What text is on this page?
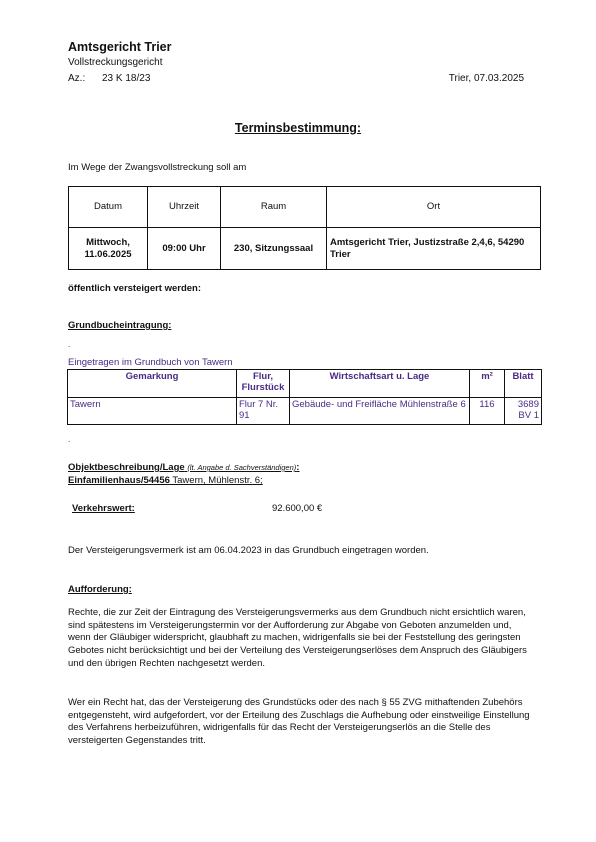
Amtsgericht Trier
Vollstreckungsgericht
Az.: 23 K 18/23	Trier, 07.03.2025
Terminsbestimmung:
Im Wege der Zwangsvollstreckung soll am
Datum	Uhrzeit	Raum	Ort

Mittwoch,
11.06.2025	09:00 Uhr	230, Sitzungssaal	Amtsgericht Trier, Justizstraße 2,4,6, 54290 Trier
öffentlich versteigert werden:
Grundbucheintragung:
.
Eingetragen im Grundbuch von Tawern
Gemarkung	Flur, Flurstück	Wirtschaftsart u. Lage	m²	Blatt
Tawern	Flur 7 Nr. 91	Gebäude- und Freifläche Mühlenstraße 6	116	3689 BV 1
.
Objektbeschreibung/Lage (lt. Angabe d. Sachverständigen):
Einfamilienhaus/54456 Tawern, Mühlenstr. 6;
Verkehrswert:	92.600,00 €
Der Versteigerungsvermerk ist am 06.04.2023 in das Grundbuch eingetragen worden.
Aufforderung:
Rechte, die zur Zeit der Eintragung des Versteigerungsvermerks aus dem Grundbuch nicht ersichtlich waren, sind spätestens im Versteigerungstermin vor der Aufforderung zur Abgabe von Geboten anzumelden und, wenn der Gläubiger widerspricht, glaubhaft zu machen, widrigenfalls sie bei der Feststellung des geringsten Gebotes nicht berücksichtigt und bei der Verteilung des Versteigerungserlöses dem Anspruch des Gläubigers und den übrigen Rechten nachgesetzt werden.
Wer ein Recht hat, das der Versteigerung des Grundstücks oder des nach § 55 ZVG mithaftenden Zubehörs entgegensteht, wird aufgefordert, vor der Erteilung des Zuschlags die Aufhebung oder einstweilige Einstellung des Verfahrens herbeizuführen, widrigenfalls für das Recht der Versteigerungserlös an die Stelle des versteigerten Gegenstandes tritt.
